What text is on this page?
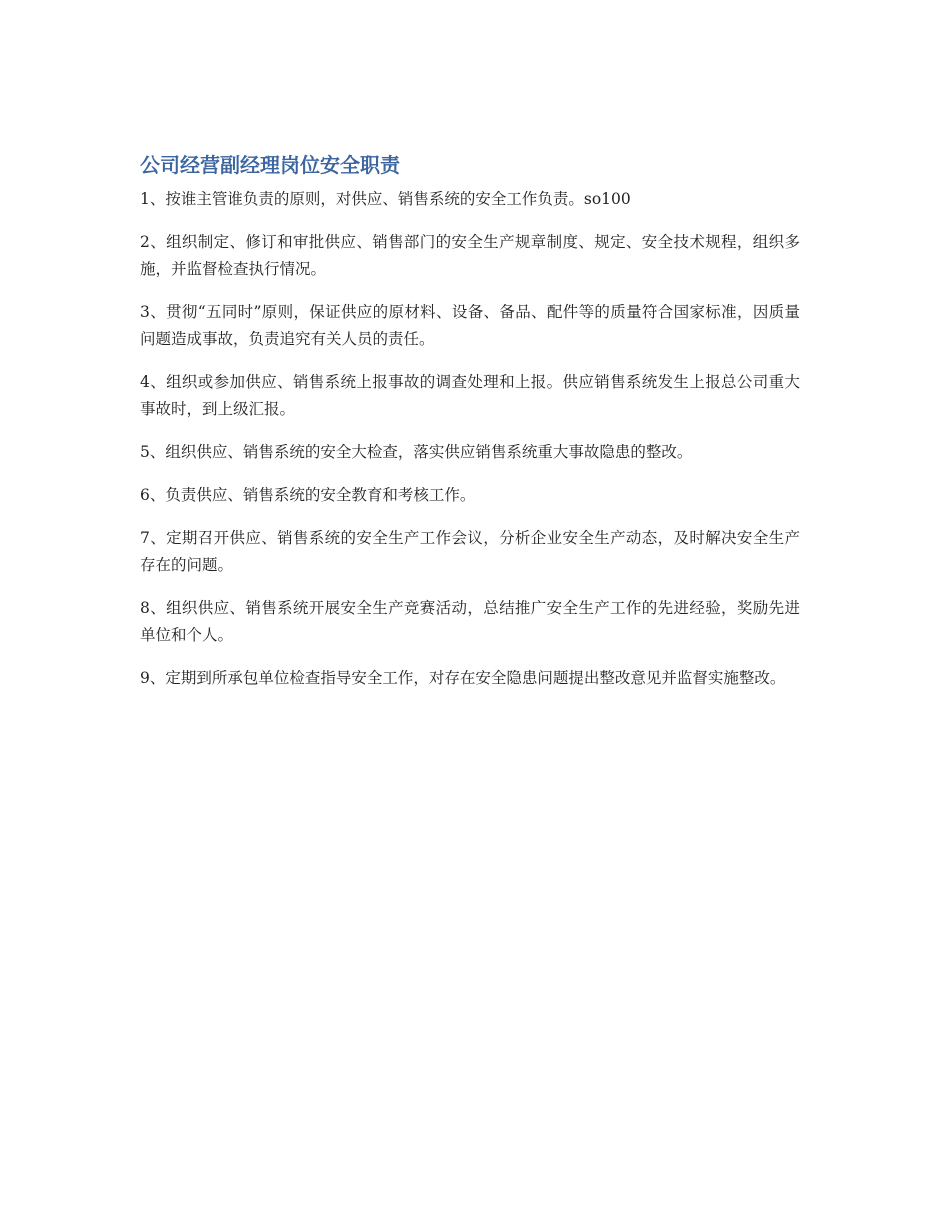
公司经营副经理岗位安全职责

1、按谁主管谁负责的原则，对供应、销售系统的安全工作负责。so100

2、组织制定、修订和审批供应、销售部门的安全生产规章制度、规定、安全技术规程，组织多施，并监督检查执行情况。

3、贯彻“五同时”原则，保证供应的原材料、设备、备品、配件等的质量符合国家标准，因质量问题造成事故，负责追究有关人员的责任。

4、组织或参加供应、销售系统上报事故的调查处理和上报。供应销售系统发生上报总公司重大事故时，到上级汇报。

5、组织供应、销售系统的安全大检查，落实供应销售系统重大事故隐患的整改。

6、负责供应、销售系统的安全教育和考核工作。

7、定期召开供应、销售系统的安全生产工作会议，分析企业安全生产动态，及时解决安全生产存在的问题。

8、组织供应、销售系统开展安全生产竞赛活动，总结推广安全生产工作的先进经验，奖励先进单位和个人。

9、定期到所承包单位检查指导安全工作，对存在安全隐患问题提出整改意见并监督实施整改。
